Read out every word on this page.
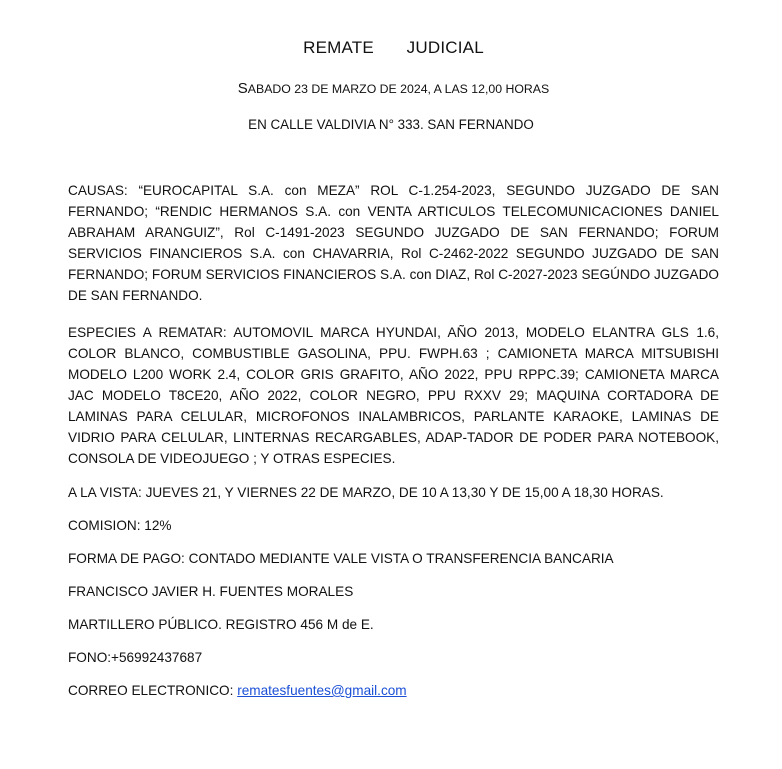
REMATE   JUDICIAL
SABADO 23 DE MARZO DE 2024, A LAS 12,00 HORAS
EN CALLE VALDIVIA N° 333. SAN FERNANDO

CAUSAS: “EUROCAPITAL S.A. con MEZA” ROL C-1.254-2023, SEGUNDO JUZGADO DE SAN FERNANDO; “RENDIC HERMANOS S.A. con VENTA ARTICULOS TELECOMUNICACIONES DANIEL ABRAHAM ARANGUIZ”, Rol C-1491-2023 SEGUNDO JUZGADO DE SAN FERNANDO; FORUM SERVICIOS FINANCIEROS S.A. con CHAVARRIA, Rol C-2462-2022 SEGUNDO JUZGADO DE SAN FERNANDO; FORUM SERVICIOS FINANCIEROS S.A. con DIAZ, Rol C-2027-2023 SEGÚNDO JUZGADO DE SAN FERNANDO.

ESPECIES A REMATAR: AUTOMOVIL MARCA HYUNDAI, AÑO 2013, MODELO ELANTRA GLS 1.6, COLOR BLANCO, COMBUSTIBLE GASOLINA, PPU. FWPH.63 ; CAMIONETA MARCA MITSUBISHI MODELO L200 WORK 2.4, COLOR GRIS GRAFITO, AÑO 2022, PPU RPPC.39; CAMIONETA MARCA JAC MODELO T8CE20, AÑO 2022, COLOR NEGRO, PPU RXXV 29; MAQUINA CORTADORA DE LAMINAS PARA CELULAR, MICROFONOS INALAMBRICOS, PARLANTE KARAOKE, LAMINAS DE VIDRIO PARA CELULAR, LINTERNAS RECARGABLES, ADAP-TADOR DE PODER PARA NOTEBOOK, CONSOLA DE VIDEOJUEGO ; Y OTRAS ESPECIES.

A LA VISTA: JUEVES 21, Y VIERNES 22 DE MARZO, DE 10 A 13,30 Y DE 15,00 A 18,30 HORAS.

COMISION: 12%

FORMA DE PAGO: CONTADO MEDIANTE VALE VISTA O TRANSFERENCIA BANCARIA

FRANCISCO JAVIER H. FUENTES MORALES

MARTILLERO PÚBLICO. REGISTRO 456 M de E.

FONO:+56992437687

CORREO ELECTRONICO: rematesfuentes@gmail.com
